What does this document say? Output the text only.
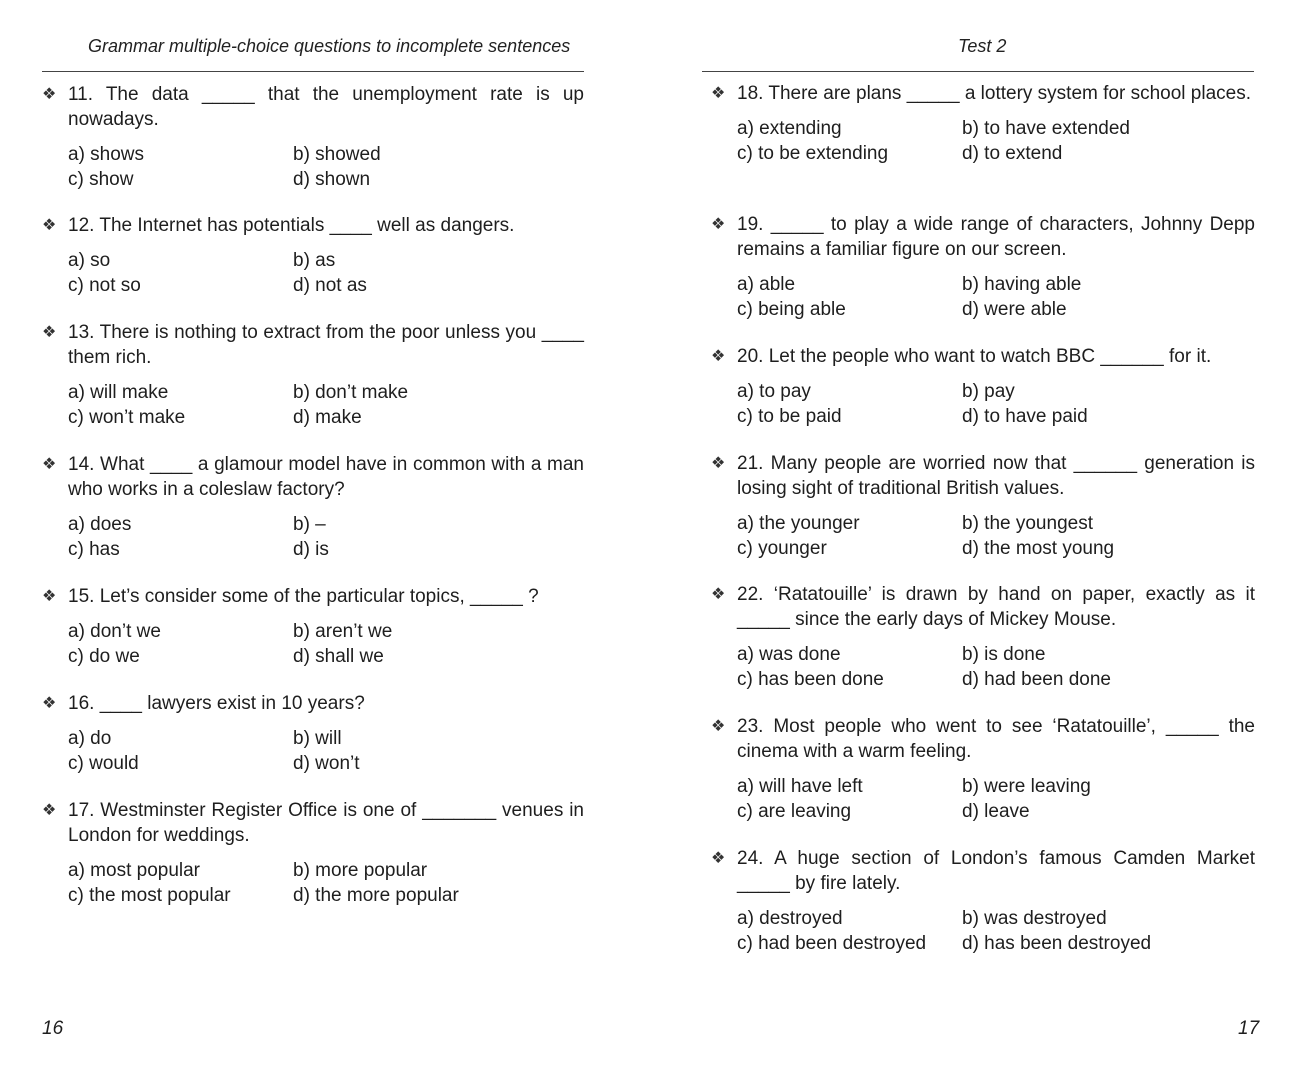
Grammar multiple-choice questions to incomplete sentences
❖ 11. The data _____ that the unemployment rate is up nowadays.
a) shows	b) showed
c) show	d) shown
❖ 12. The Internet has potentials ____ well as dangers.
a) so	b) as
c) not so	d) not as
❖ 13. There is nothing to extract from the poor unless you ____ them rich.
a) will make	b) don’t make
c) won’t make	d) make
❖ 14. What ____ a glamour model have in common with a man who works in a coleslaw factory?
a) does	b) –
c) has	d) is
❖ 15. Let’s consider some of the particular topics, _____ ?
a) don’t we	b) aren’t we
c) do we	d) shall we
❖ 16. ____ lawyers exist in 10 years?
a) do	b) will
c) would	d) won’t
❖ 17. Westminster Register Office is one of _______ venues in London for weddings.
a) most popular	b) more popular
c) the most popular	d) the more popular
16
Test 2
❖ 18. There are plans _____ a lottery system for school places.
a) extending	b) to have extended
c) to be extending	d) to extend
❖ 19. _____ to play a wide range of characters, Johnny Depp remains a familiar figure on our screen.
a) able	b) having able
c) being able	d) were able
❖ 20. Let the people who want to watch BBC ______ for it.
a) to pay	b) pay
c) to be paid	d) to have paid
❖ 21. Many people are worried now that ______ generation is losing sight of traditional British values.
a) the younger	b) the youngest
c) younger	d) the most young
❖ 22. ‘Ratatouille’ is drawn by hand on paper, exactly as it _____ since the early days of Mickey Mouse.
a) was done	b) is done
c) has been done	d) had been done
❖ 23. Most people who went to see ‘Ratatouille’, _____ the cinema with a warm feeling.
a) will have left	b) were leaving
c) are leaving	d) leave
❖ 24. A huge section of London’s famous Camden Market _____ by fire lately.
a) destroyed	b) was destroyed
c) had been destroyed	d) has been destroyed
17
